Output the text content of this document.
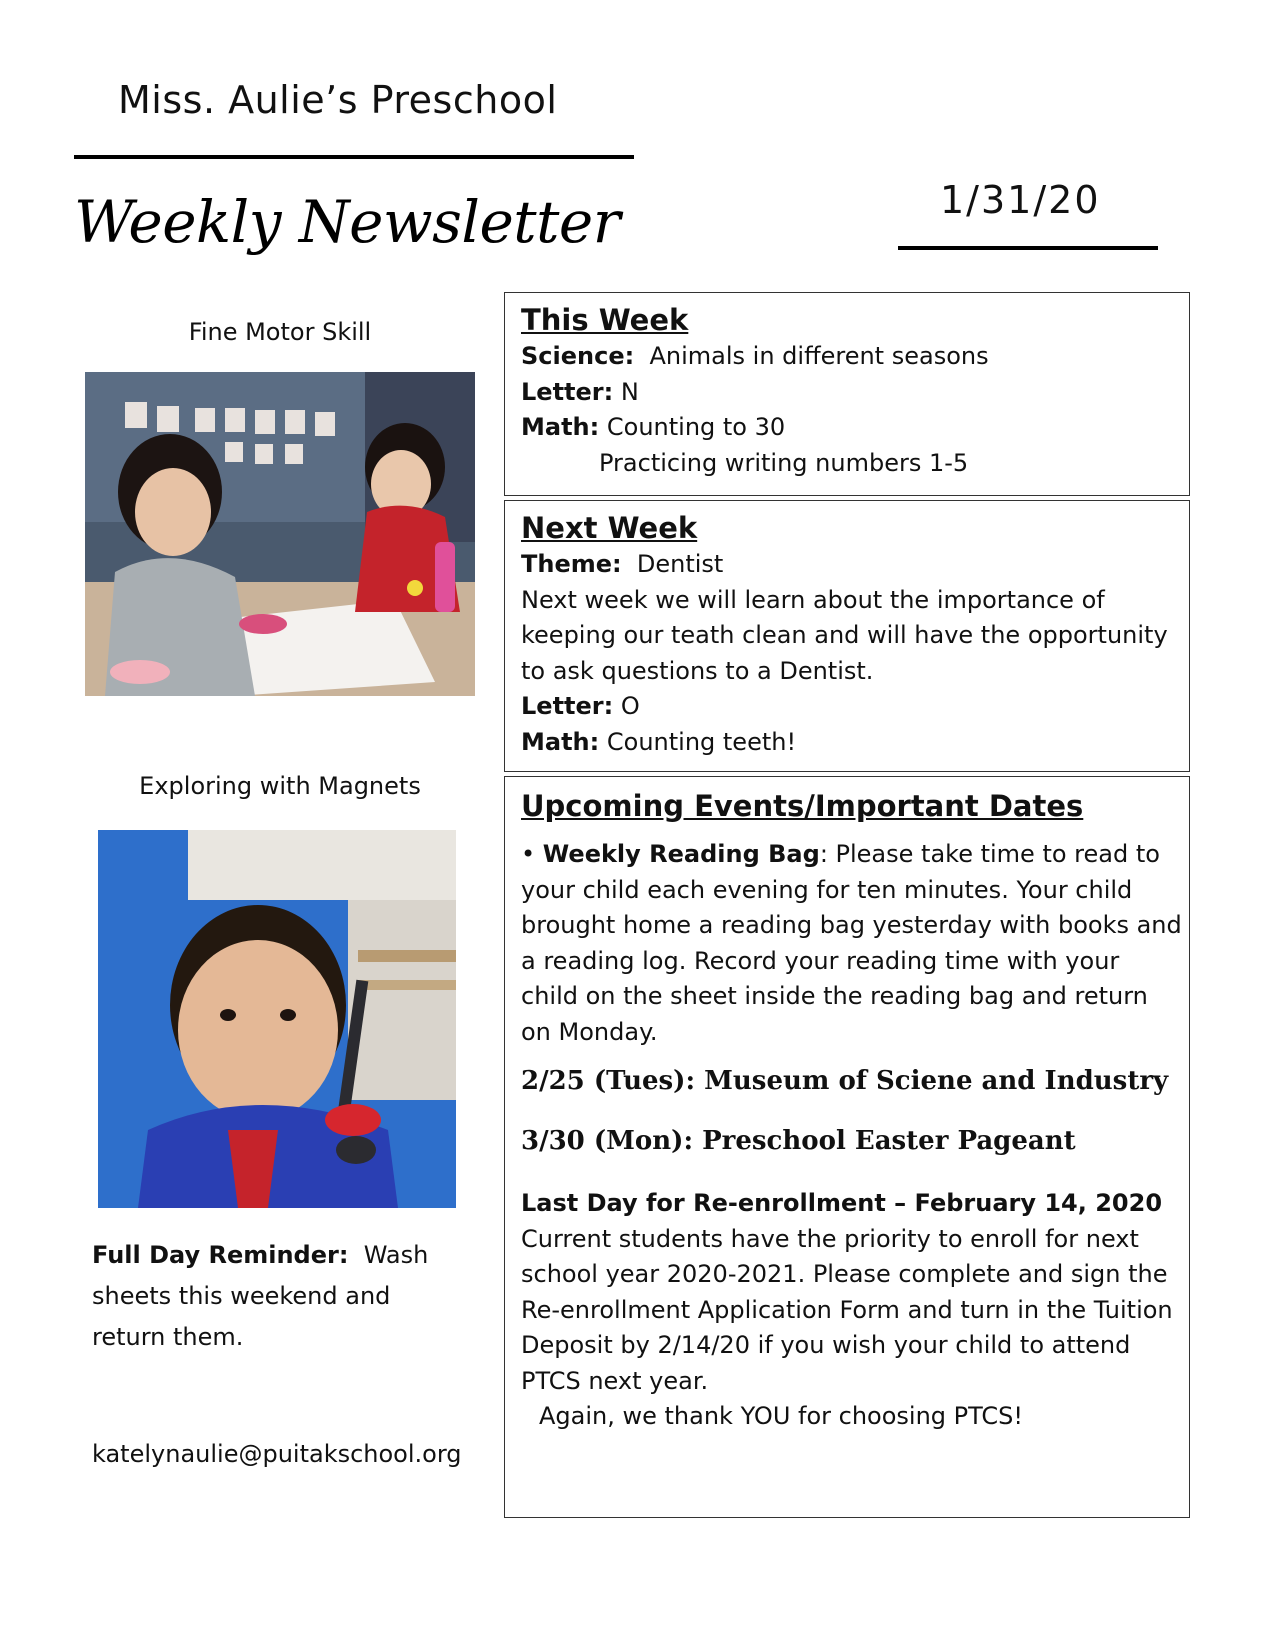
Miss. Aulie’s Preschool
Weekly Newsletter	1/31/20
Fine Motor Skill
Exploring with Magnets
Full Day Reminder: Wash sheets this weekend and return them.
katelynaulie@puitakschool.org
This Week
Science: Animals in different seasons
Letter: N
Math: Counting to 30
Practicing writing numbers 1-5
Next Week
Theme: Dentist
Next week we will learn about the importance of
keeping our teath clean and will have the opportunity
to ask questions to a Dentist.
Letter: O
Math: Counting teeth!
Upcoming Events/Important Dates
• Weekly Reading Bag: Please take time to read to
your child each evening for ten minutes. Your child
brought home a reading bag yesterday with books and
a reading log. Record your reading time with your
child on the sheet inside the reading bag and return
on Monday.
2/25 (Tues): Museum of Sciene and Industry
3/30 (Mon): Preschool Easter Pageant
Last Day for Re-enrollment – February 14, 2020
Current students have the priority to enroll for next
school year 2020-2021. Please complete and sign the
Re-enrollment Application Form and turn in the Tuition
Deposit by 2/14/20 if you wish your child to attend
PTCS next year.
Again, we thank YOU for choosing PTCS!
